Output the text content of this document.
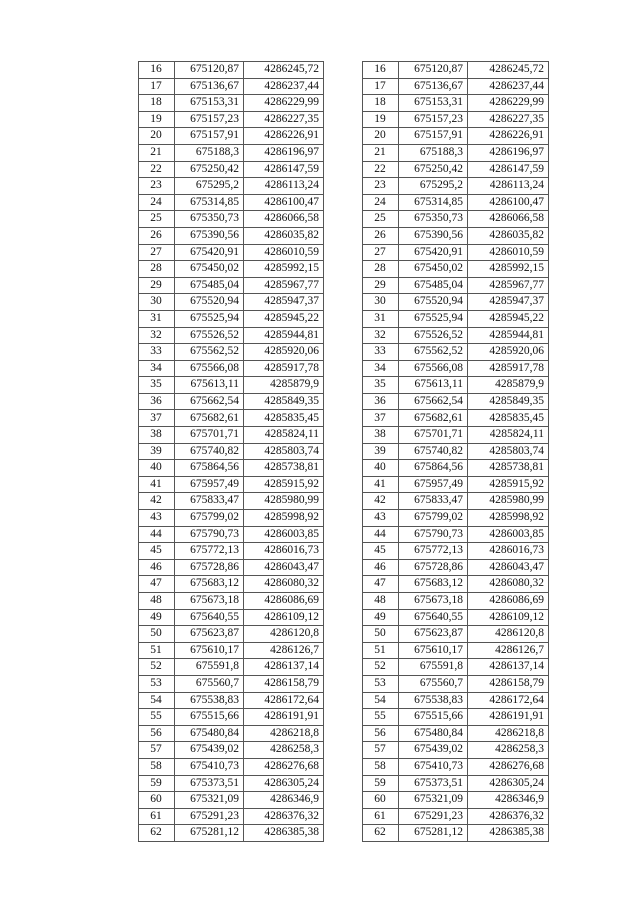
16	675120,87	4286245,72
17	675136,67	4286237,44
18	675153,31	4286229,99
19	675157,23	4286227,35
20	675157,91	4286226,91
21	675188,3	4286196,97
22	675250,42	4286147,59
23	675295,2	4286113,24
24	675314,85	4286100,47
25	675350,73	4286066,58
26	675390,56	4286035,82
27	675420,91	4286010,59
28	675450,02	4285992,15
29	675485,04	4285967,77
30	675520,94	4285947,37
31	675525,94	4285945,22
32	675526,52	4285944,81
33	675562,52	4285920,06
34	675566,08	4285917,78
35	675613,11	4285879,9
36	675662,54	4285849,35
37	675682,61	4285835,45
38	675701,71	4285824,11
39	675740,82	4285803,74
40	675864,56	4285738,81
41	675957,49	4285915,92
42	675833,47	4285980,99
43	675799,02	4285998,92
44	675790,73	4286003,85
45	675772,13	4286016,73
46	675728,86	4286043,47
47	675683,12	4286080,32
48	675673,18	4286086,69
49	675640,55	4286109,12
50	675623,87	4286120,8
51	675610,17	4286126,7
52	675591,8	4286137,14
53	675560,7	4286158,79
54	675538,83	4286172,64
55	675515,66	4286191,91
56	675480,84	4286218,8
57	675439,02	4286258,3
58	675410,73	4286276,68
59	675373,51	4286305,24
60	675321,09	4286346,9
61	675291,23	4286376,32
62	675281,12	4286385,38
16	675120,87	4286245,72
17	675136,67	4286237,44
18	675153,31	4286229,99
19	675157,23	4286227,35
20	675157,91	4286226,91
21	675188,3	4286196,97
22	675250,42	4286147,59
23	675295,2	4286113,24
24	675314,85	4286100,47
25	675350,73	4286066,58
26	675390,56	4286035,82
27	675420,91	4286010,59
28	675450,02	4285992,15
29	675485,04	4285967,77
30	675520,94	4285947,37
31	675525,94	4285945,22
32	675526,52	4285944,81
33	675562,52	4285920,06
34	675566,08	4285917,78
35	675613,11	4285879,9
36	675662,54	4285849,35
37	675682,61	4285835,45
38	675701,71	4285824,11
39	675740,82	4285803,74
40	675864,56	4285738,81
41	675957,49	4285915,92
42	675833,47	4285980,99
43	675799,02	4285998,92
44	675790,73	4286003,85
45	675772,13	4286016,73
46	675728,86	4286043,47
47	675683,12	4286080,32
48	675673,18	4286086,69
49	675640,55	4286109,12
50	675623,87	4286120,8
51	675610,17	4286126,7
52	675591,8	4286137,14
53	675560,7	4286158,79
54	675538,83	4286172,64
55	675515,66	4286191,91
56	675480,84	4286218,8
57	675439,02	4286258,3
58	675410,73	4286276,68
59	675373,51	4286305,24
60	675321,09	4286346,9
61	675291,23	4286376,32
62	675281,12	4286385,38
